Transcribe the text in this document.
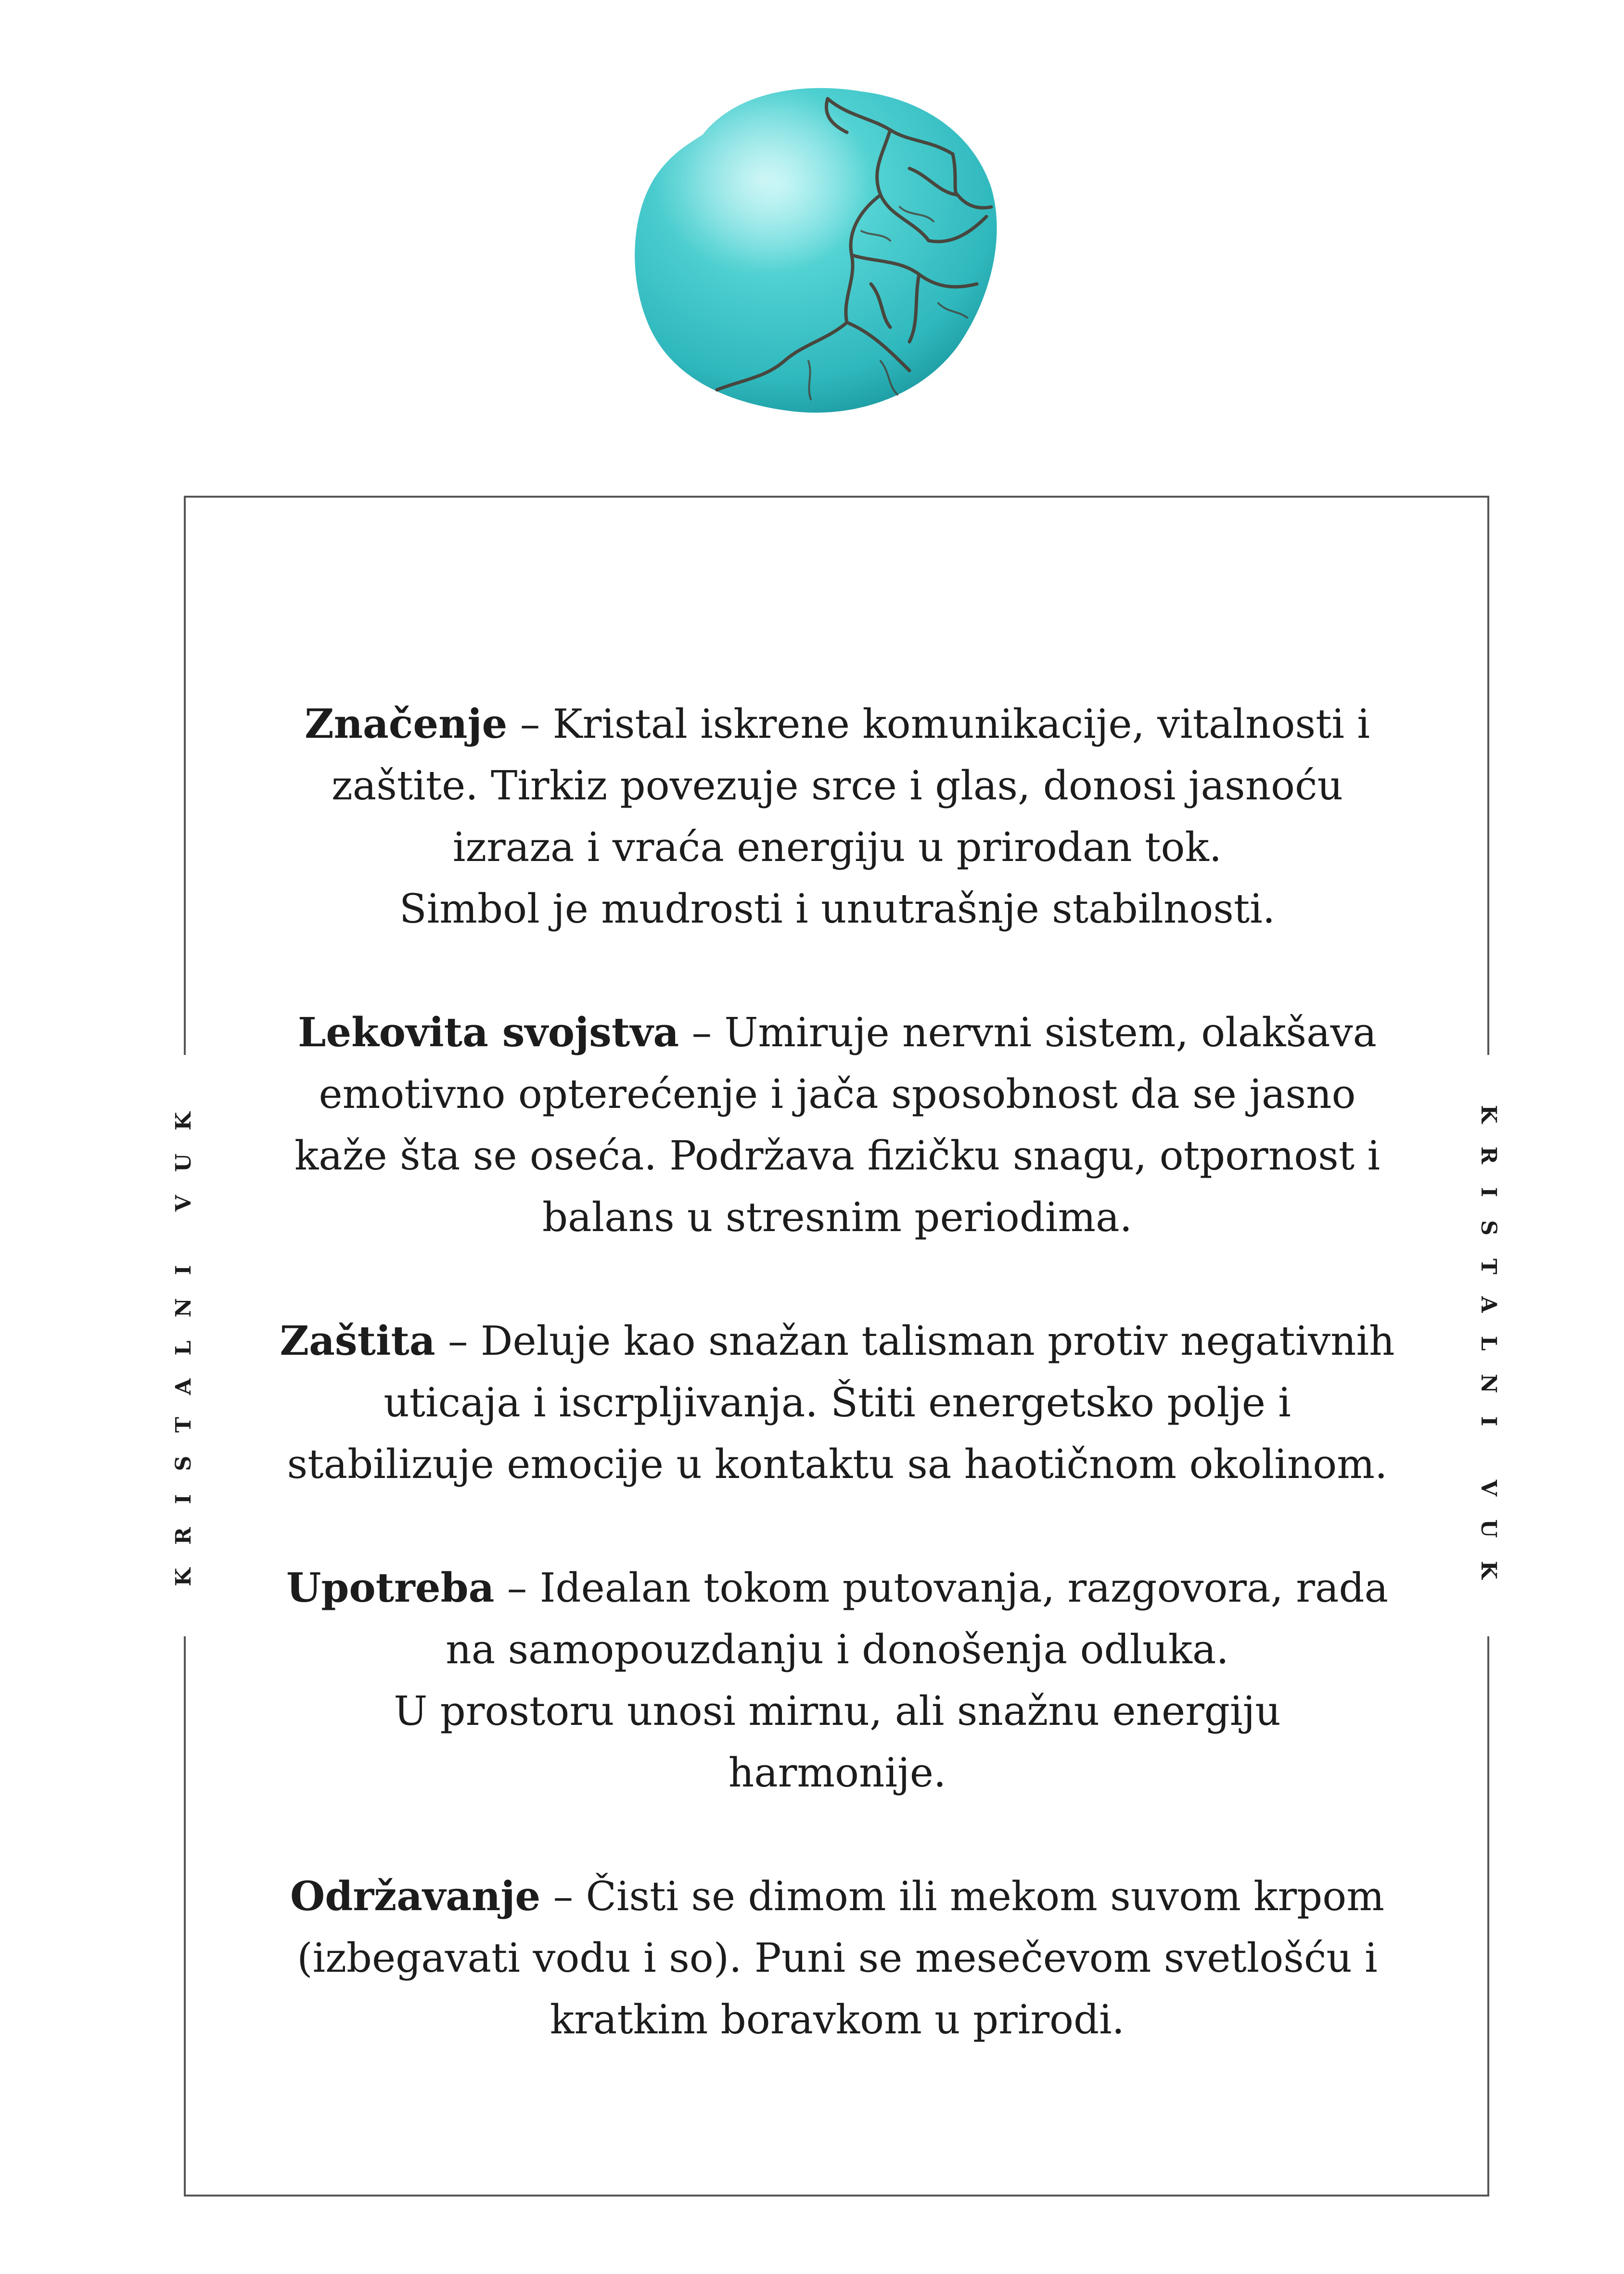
KRISTALNI VUK	KRISTALNI VUK
Značenje – Kristal iskrene komunikacije, vitalnosti i
zaštite. Tirkiz povezuje srce i glas, donosi jasnoću
izraza i vraća energiju u prirodan tok.
Simbol je mudrosti i unutrašnje stabilnosti.
Lekovita svojstva – Umiruje nervni sistem, olakšava
emotivno opterećenje i jača sposobnost da se jasno
kaže šta se oseća. Podržava fizičku snagu, otpornost i
balans u stresnim periodima.
Zaštita – Deluje kao snažan talisman protiv negativnih
uticaja i iscrpljivanja. Štiti energetsko polje i
stabilizuje emocije u kontaktu sa haotičnom okolinom.
Upotreba – Idealan tokom putovanja, razgovora, rada
na samopouzdanju i donošenja odluka.
U prostoru unosi mirnu, ali snažnu energiju
harmonije.
Održavanje – Čisti se dimom ili mekom suvom krpom
(izbegavati vodu i so). Puni se mesečevom svetlošću i
kratkim boravkom u prirodi.
